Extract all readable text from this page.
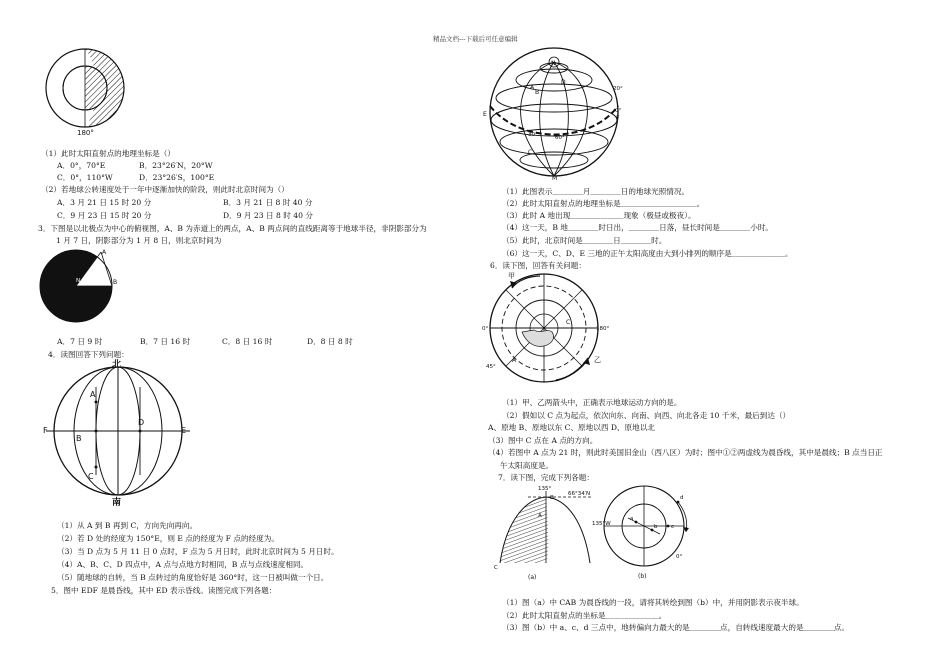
精品文档---下载后可任意编辑
180°
（1）此时太阳直射点的地理坐标是（）
A．0°，70°E	B．23°26′N，20°W
C．0°，110°W	D．23°26′S，100°E
（2）若地球公转速度处于一年中逐渐加快的阶段，则此时北京时间为（）
A．3 月 21 日 15 时 20 分	B．3 月 21 日 8 时 40 分
C．9 月 23 日 15 时 20 分	D．9 月 23 日 8 时 40 分
3．下图是以北极点为中心的俯视图，A、B 为赤道上的两点，A、B 两点间的直线距离等于地球半径，非阴影部分为
1 月 7 日，阴影部分为 1 月 8 日，则北京时间为
A
B
N
A．7 日 9 时	B．7 日 16 时	C．8 日 16 时	D．8 日 8 时
4．读图回答下列问题：
北
南
A
B
C
D
E
F
（1）从 A 到 B 再到 C，方向先向再向。
（2）若 D 处的经度为 150°E，则 E 点的经度为 F 点的经度为。
（3）当 D 点为 5 月 11 日 0 点时，F 点为 5 月日时，此时北京时间为 5 月日时。
（4）A、B、C、D 四点中，A 点与点地方时相同，B 点与点线速度相同。
（5）随地球的自转，当 B 点转过的角度恰好是 360°时，这一日被叫做一个日。
5．图中 EDF 是晨昏线，其中 ED 表示昏线。读图完成下列各题：
N
A
B
C
D
E
F
M
20°
0°
30°	60°
（1）此图表示＿＿＿＿月＿＿＿＿日的地球光照情况。
（2）此时太阳直射点的地理坐标是＿＿＿＿＿＿＿＿＿＿。
（3）此时 A 地出现＿＿＿＿＿＿＿现象（极昼或极夜）。
（4）这一天，B 地＿＿＿＿时日出，＿＿＿＿日落，昼长时间是＿＿＿＿小时。
（5）此时，北京时间是＿＿＿＿日＿＿＿＿时。
（6）这一天，C、D、E 三地的正午太阳高度由大到小排列的顺序是＿＿＿＿＿＿＿。
6．读下图，回答有关问题：
甲
乙
0°	180°
C
A
45°
（1）甲、乙两箭头中，正确表示地球运动方向的是。
（2）假如以 C 点为起点，依次向东、向南、向西、向北各走 10 千米，最后到达（）
A、原地 B、原地以东 C、原地以西 D、原地以北
（3）图中 C 点在 A 点的方向。
（4）若图中 A 点为 21 时，则此时美国旧金山（西八区）为时；图中①②两虚线为晨昏线，其中是晨线；B 点当日正
午太阳高度是。
7．读下图，完成下列各题：
135°
66°34′N
A
B
C
(a)
135°W
0°
d
b c
a
(b)
（1）图（a）中 CAB 为晨昏线的一段，请将其转绘到图（b）中，并用阴影表示夜半球。
（2）此时太阳直射点的坐标是＿＿＿＿＿＿＿。
（3）图（b）中 a、c、d 三点中，地转偏向力最大的是＿＿＿＿点，自转线速度最大的是＿＿＿＿点。
